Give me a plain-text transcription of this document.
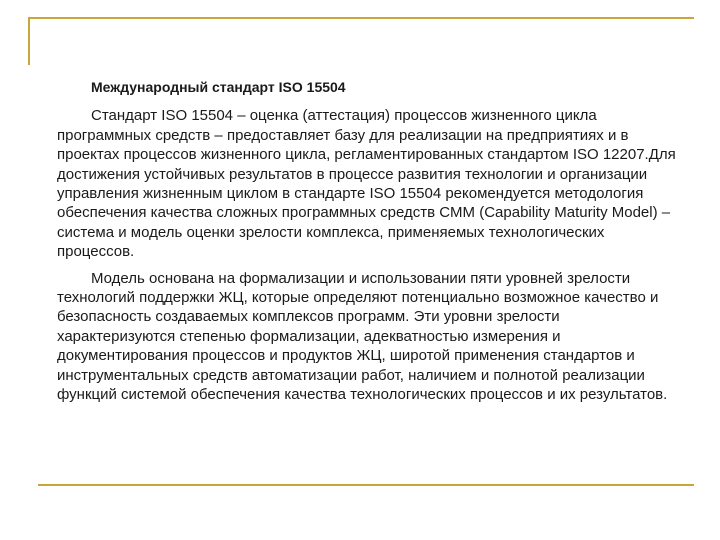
Международный стандарт ISO 15504

Стандарт ISO 15504 – оценка (аттестация) процессов жизненного цикла программных средств – предоставляет базу для реализации на предприятиях и в проектах процессов жизненного цикла, регламентированных стандартом ISO 12207.Для достижения устойчивых результатов в процессе развития технологии и организации управления жизненным циклом в стандарте ISO 15504 рекомендуется методология обеспечения качества сложных программных средств CMM (Capability Maturity Model) – система и модель оценки зрелости комплекса, применяемых технологических процессов.

Модель основана на формализации и использовании пяти уровней зрелости технологий поддержки ЖЦ, которые определяют потенциально возможное качество и безопасность создаваемых комплексов программ. Эти уровни зрелости характеризуются степенью формализации, адекватностью измерения и документирования процессов и продуктов ЖЦ, широтой применения стандартов и инструментальных средств автоматизации работ, наличием и полнотой реализации функций системой обеспечения качества технологических процессов и их результатов.
